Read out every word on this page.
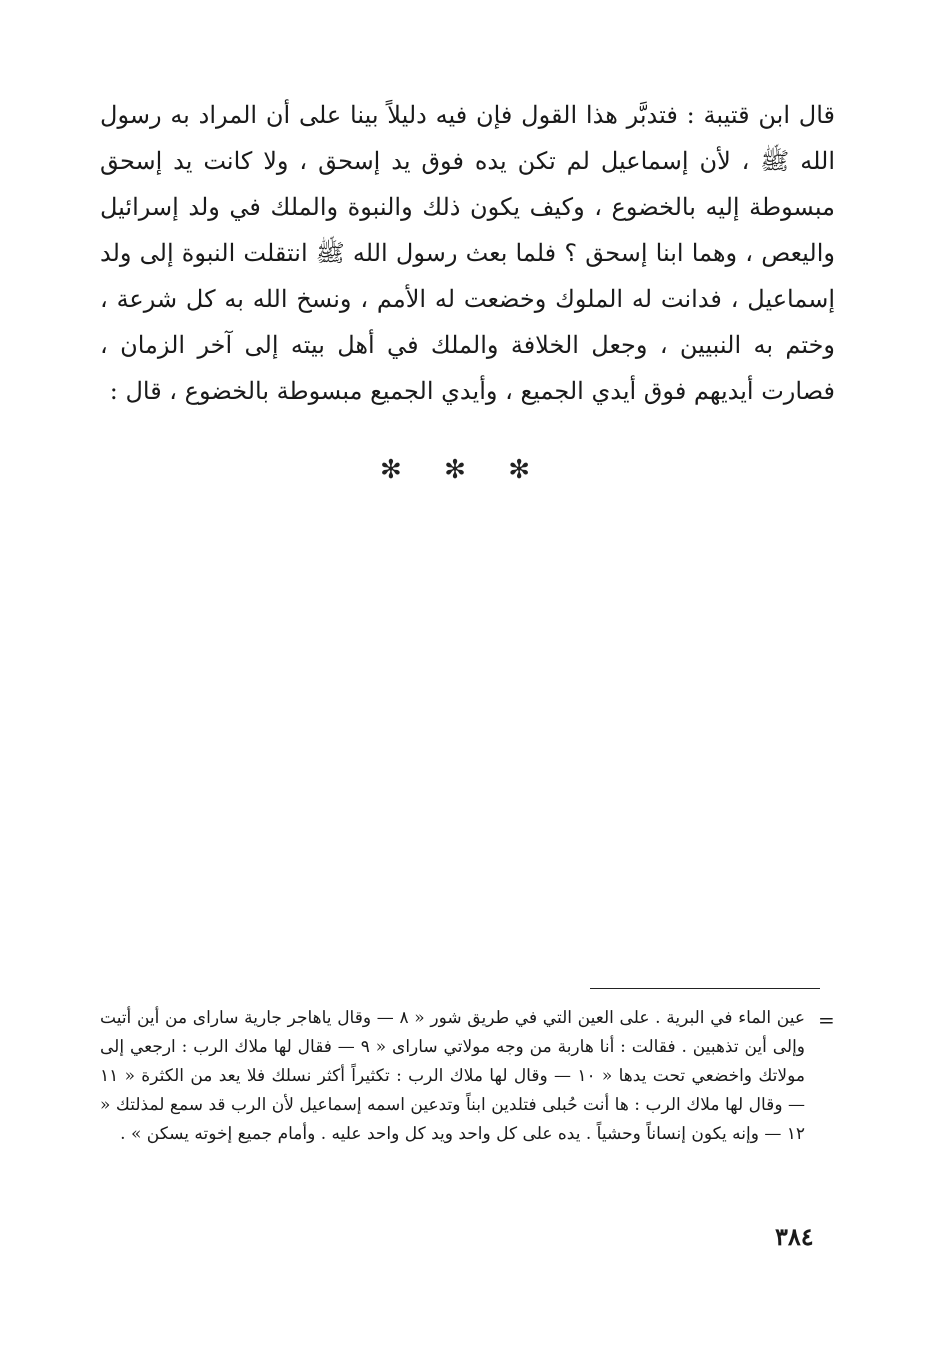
قال ابن قتيبة : فتدبَّر هذا القول فإن فيه دليلاً بينا على أن المراد به رسول الله ﷺ ، لأن إسماعيل لم تكن يده فوق يد إسحق ، ولا كانت يد إسحق مبسوطة إليه بالخضوع ، وكيف يكون ذلك والنبوة والملك في ولد إسرائيل واليعص ، وهما ابنا إسحق ؟ فلما بعث رسول الله ﷺ انتقلت النبوة إلى ولد إسماعيل ، فدانت له الملوك وخضعت له الأمم ، ونسخ الله به كل شرعة ، وختم به النبيين ، وجعل الخلافة والملك في أهل بيته إلى آخر الزمان ، فصارت أيديهم فوق أيدي الجميع ، وأيدي الجميع مبسوطة بالخضوع ، قال :

✻ ✻ ✻
=

عين الماء في البرية . على العين التي في طريق شور « ٨ — وقال ياهاجر جارية سارای من أين أتيت وإلى أين تذهبين . فقالت : أنا هاربة من وجه مولاتي سارای « ٩ — فقال لها ملاك الرب : ارجعي إلى مولاتك واخضعي تحت يدها « ١٠ — وقال لها ملاك الرب : تكثيراً أكثر نسلك فلا يعد من الكثرة « ١١ — وقال لها ملاك الرب : ها أنت حُبلى فتلدين ابناً وتدعين اسمه إسماعيل لأن الرب قد سمع لمذلتك « ١٢ — وإنه يكون إنساناً وحشياً . يده على كل واحد ويد كل واحد عليه . وأمام جميع إخوته يسكن » .

٣٨٤
